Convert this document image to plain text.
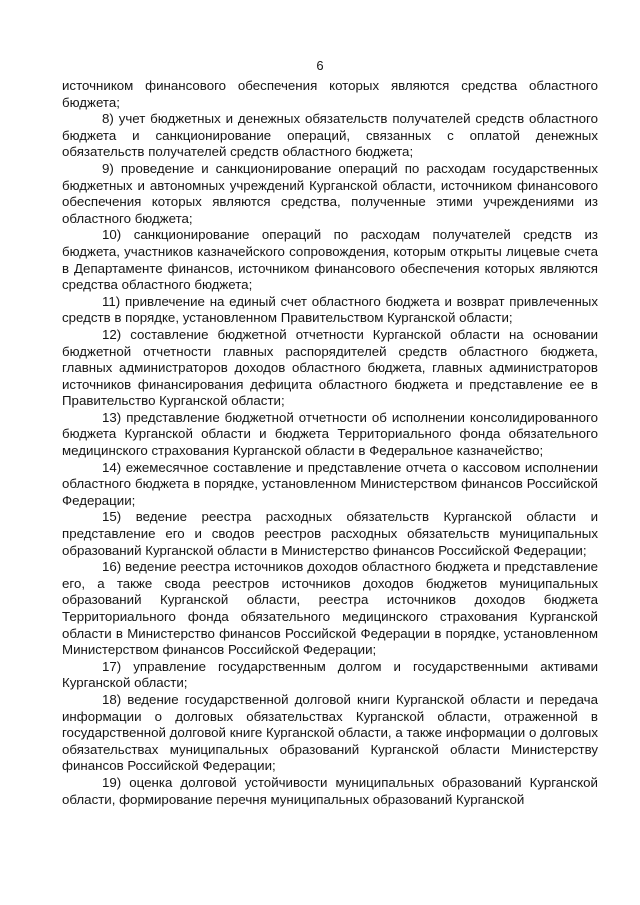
6

источником финансового обеспечения которых являются средства областного бюджета;

8) учет бюджетных и денежных обязательств получателей средств областного бюджета и санкционирование операций, связанных с оплатой денежных обязательств получателей средств областного бюджета;

9) проведение и санкционирование операций по расходам государственных бюджетных и автономных учреждений Курганской области, источником финансового обеспечения которых являются средства, полученные этими учреждениями из областного бюджета;

10) санкционирование операций по расходам получателей средств из бюджета, участников казначейского сопровождения, которым открыты лицевые счета в Департаменте финансов, источником финансового обеспечения которых являются средства областного бюджета;

11) привлечение на единый счет областного бюджета и возврат привлеченных средств в порядке, установленном Правительством Курганской области;

12) составление бюджетной отчетности Курганской области на основании бюджетной отчетности главных распорядителей средств областного бюджета, главных администраторов доходов областного бюджета, главных администраторов источников финансирования дефицита областного бюджета и представление ее в Правительство Курганской области;

13) представление бюджетной отчетности об исполнении консолидированного бюджета Курганской области и бюджета Территориального фонда обязательного медицинского страхования Курганской области в Федеральное казначейство;

14) ежемесячное составление и представление отчета о кассовом исполнении областного бюджета в порядке, установленном Министерством финансов Российской Федерации;

15) ведение реестра расходных обязательств Курганской области и представление его и сводов реестров расходных обязательств муниципальных образований Курганской области в Министерство финансов Российской Федерации;

16) ведение реестра источников доходов областного бюджета и представление его, а также свода реестров источников доходов бюджетов муниципальных образований Курганской области, реестра источников доходов бюджета Территориального фонда обязательного медицинского страхования Курганской области в Министерство финансов Российской Федерации в порядке, установленном Министерством финансов Российской Федерации;

17) управление государственным долгом и государственными активами Курганской области;

18) ведение государственной долговой книги Курганской области и передача информации о долговых обязательствах Курганской области, отраженной в государственной долговой книге Курганской области, а также информации о долговых обязательствах муниципальных образований Курганской области Министерству финансов Российской Федерации;

19) оценка долговой устойчивости муниципальных образований Курганской области, формирование перечня муниципальных образований Курганской
